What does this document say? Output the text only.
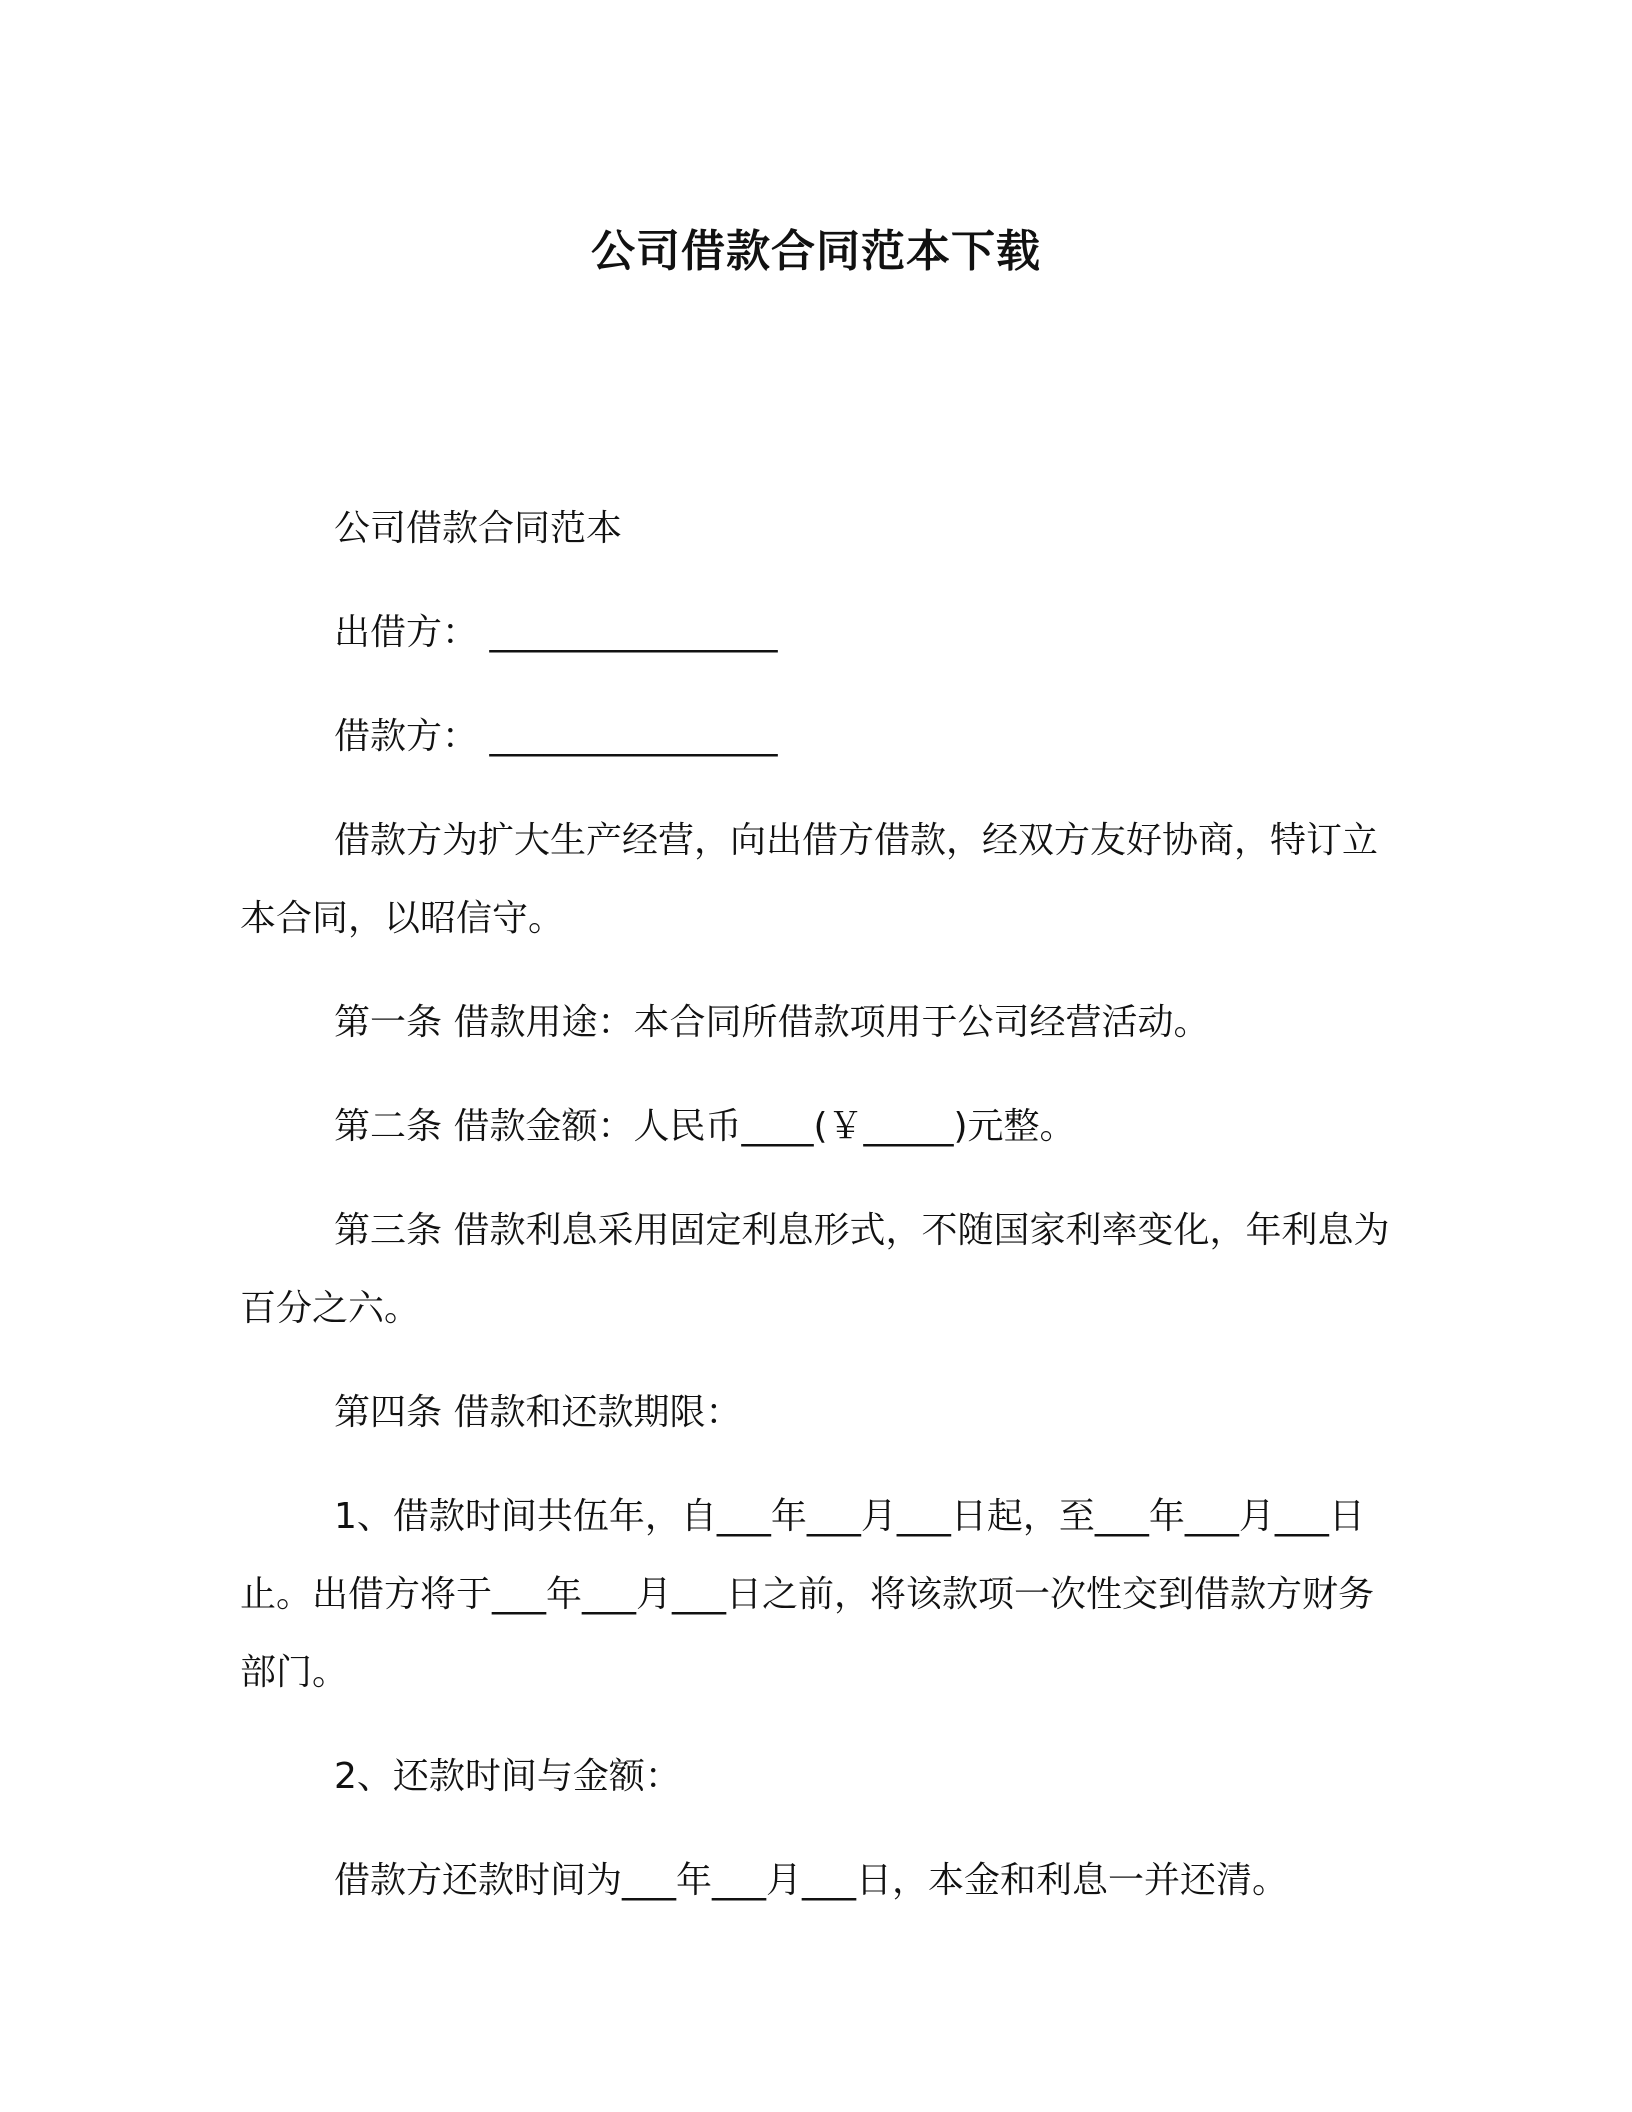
公司借款合同范本下载

公司借款合同范本

出借方： ________________

借款方： ________________

借款方为扩大生产经营，向出借方借款，经双方友好协商，特订立本合同，以昭信守。

第一条 借款用途：本合同所借款项用于公司经营活动。

第二条 借款金额：人民币____(￥_____)元整。

第三条 借款利息采用固定利息形式，不随国家利率变化，年利息为百分之六。

第四条 借款和还款期限：

1、借款时间共伍年，自___年___月___日起，至___年___月___日止。出借方将于___年___月___日之前，将该款项一次性交到借款方财务部门。

2、还款时间与金额：

借款方还款时间为___年___月___日，本金和利息一并还清。
